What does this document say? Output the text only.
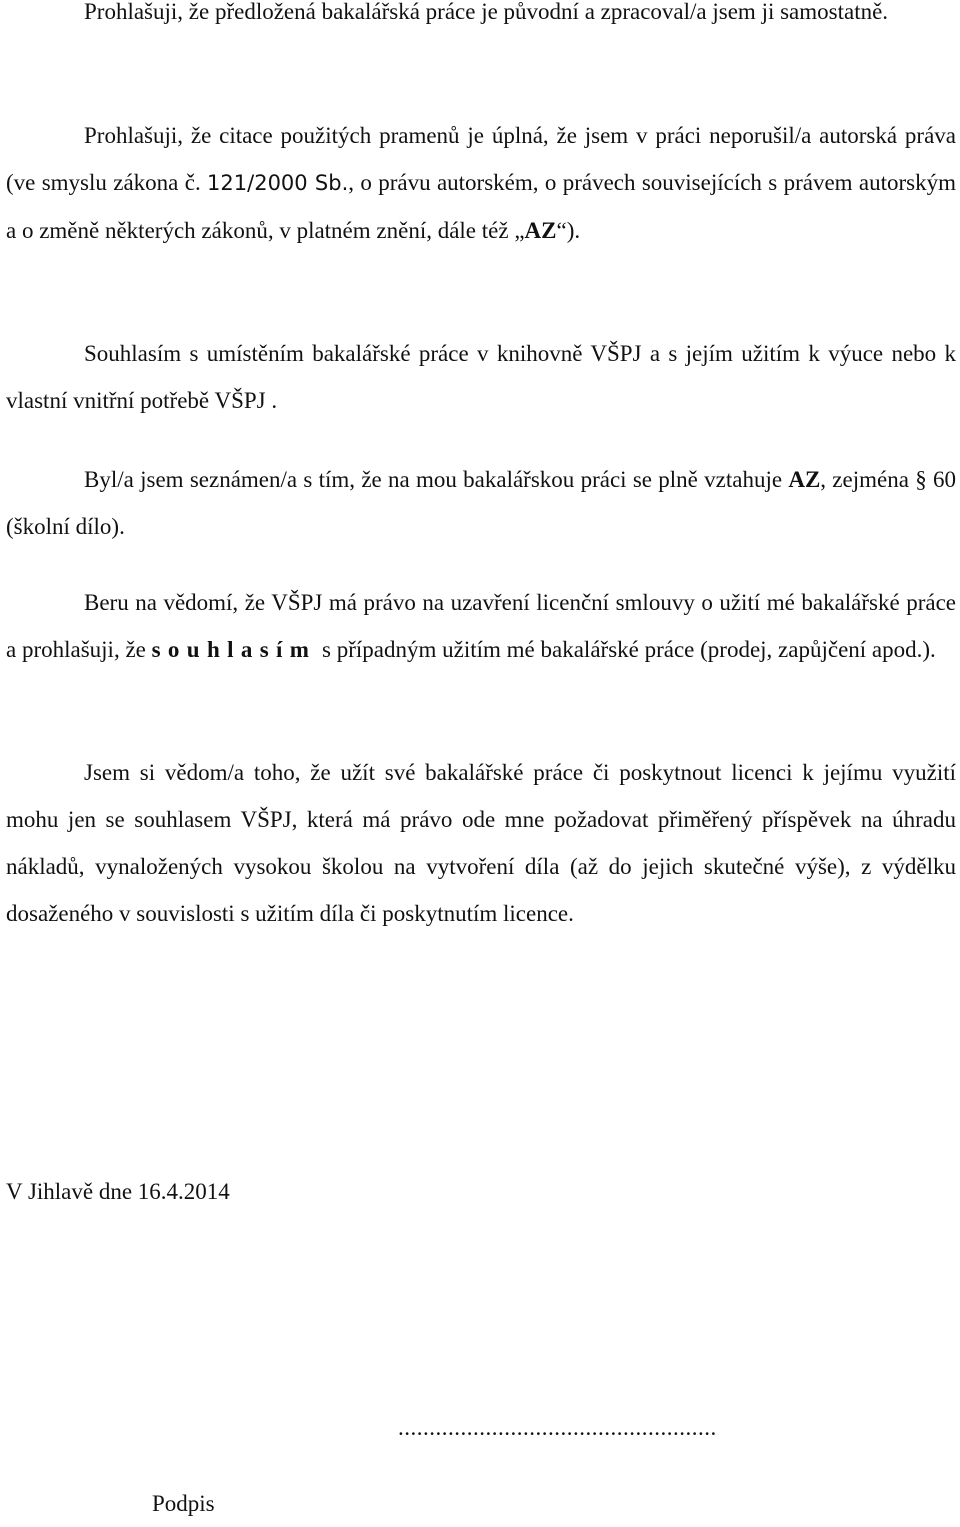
Prohlašuji, že předložená bakalářská práce je původní a zpracoval/a jsem ji samostatně.

Prohlašuji, že citace použitých pramenů je úplná, že jsem v práci neporušil/a autorská práva (ve smyslu zákona č. 121/2000 Sb., o právu autorském, o právech souvisejících s právem autorským a o změně některých zákonů, v platném znění, dále též „AZ“).

Souhlasím s umístěním bakalářské práce v knihovně VŠPJ a s jejím užitím k výuce nebo k vlastní vnitřní potřebě VŠPJ .

Byl/a jsem seznámen/a s tím, že na mou bakalářskou práci se plně vztahuje AZ, zejména § 60 (školní dílo).

Beru na vědomí, že VŠPJ má právo na uzavření licenční smlouvy o užití mé bakalářské práce a prohlašuji, že souhlasím s případným užitím mé bakalářské práce (prodej, zapůjčení apod.).

Jsem si vědom/a toho, že užít své bakalářské práce či poskytnout licenci k jejímu využití mohu jen se souhlasem VŠPJ, která má právo ode mne požadovat přiměřený příspěvek na úhradu nákladů, vynaložených vysokou školou na vytvoření díla (až do jejich skutečné výše), z výdělku dosaženého v souvislosti s užitím díla či poskytnutím licence.

V Jihlavě dne 16.4.2014

...................................................

Podpis
